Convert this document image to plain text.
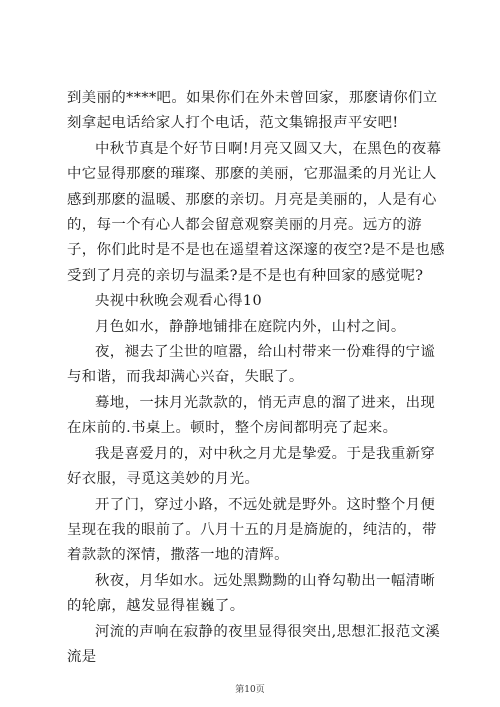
到美丽的****吧。如果你们在外未曾回家，那麽请你们立刻拿起电话给家人打个电话，范文集锦报声平安吧!

中秋节真是个好节日啊!月亮又圆又大，在黑色的夜幕中它显得那麽的璀璨、那麽的美丽，它那温柔的月光让人感到那麽的温暖、那麽的亲切。月亮是美丽的，人是有心的，每一个有心人都会留意观察美丽的月亮。远方的游子，你们此时是不是也在遥望着这深邃的夜空?是不是也感受到了月亮的亲切与温柔?是不是也有种回家的感觉呢?

央视中秋晚会观看心得10

月色如水，静静地铺排在庭院内外，山村之间。

夜，褪去了尘世的喧嚣，给山村带来一份难得的宁谧与和谐，而我却满心兴奋，失眠了。

蓦地，一抹月光款款的，悄无声息的溜了进来，出现在床前的.书桌上。顿时，整个房间都明亮了起来。

我是喜爱月的，对中秋之月尤是挚爱。于是我重新穿好衣服，寻觅这美妙的月光。

开了门，穿过小路，不远处就是野外。这时整个月便呈现在我的眼前了。八月十五的月是旖旎的，纯洁的，带着款款的深情，撒落一地的清辉。

秋夜，月华如水。远处黑黝黝的山脊勾勒出一幅清晰的轮廓，越发显得崔巍了。

河流的声响在寂静的夜里显得很突出,思想汇报范文溪流是

第10页
